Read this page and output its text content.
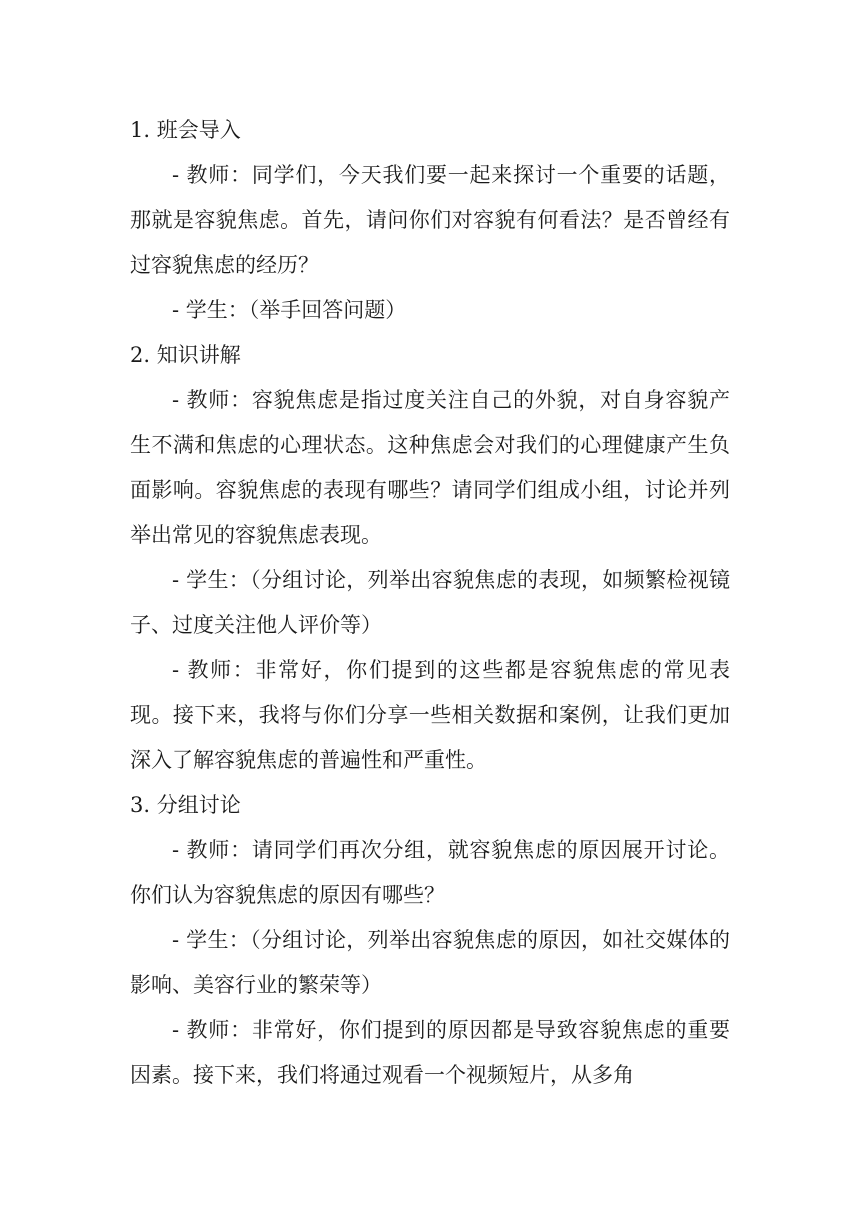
1. 班会导入

- 教师：同学们，今天我们要一起来探讨一个重要的话题，那就是容貌焦虑。首先，请问你们对容貌有何看法？是否曾经有过容貌焦虑的经历？

- 学生：（举手回答问题）

2. 知识讲解

- 教师：容貌焦虑是指过度关注自己的外貌，对自身容貌产生不满和焦虑的心理状态。这种焦虑会对我们的心理健康产生负面影响。容貌焦虑的表现有哪些？请同学们组成小组，讨论并列举出常见的容貌焦虑表现。

- 学生：（分组讨论，列举出容貌焦虑的表现，如频繁检视镜子、过度关注他人评价等）

- 教师：非常好，你们提到的这些都是容貌焦虑的常见表现。接下来，我将与你们分享一些相关数据和案例，让我们更加深入了解容貌焦虑的普遍性和严重性。

3. 分组讨论

- 教师：请同学们再次分组，就容貌焦虑的原因展开讨论。你们认为容貌焦虑的原因有哪些？

- 学生：（分组讨论，列举出容貌焦虑的原因，如社交媒体的影响、美容行业的繁荣等）

- 教师：非常好，你们提到的原因都是导致容貌焦虑的重要因素。接下来，我们将通过观看一个视频短片，从多角
